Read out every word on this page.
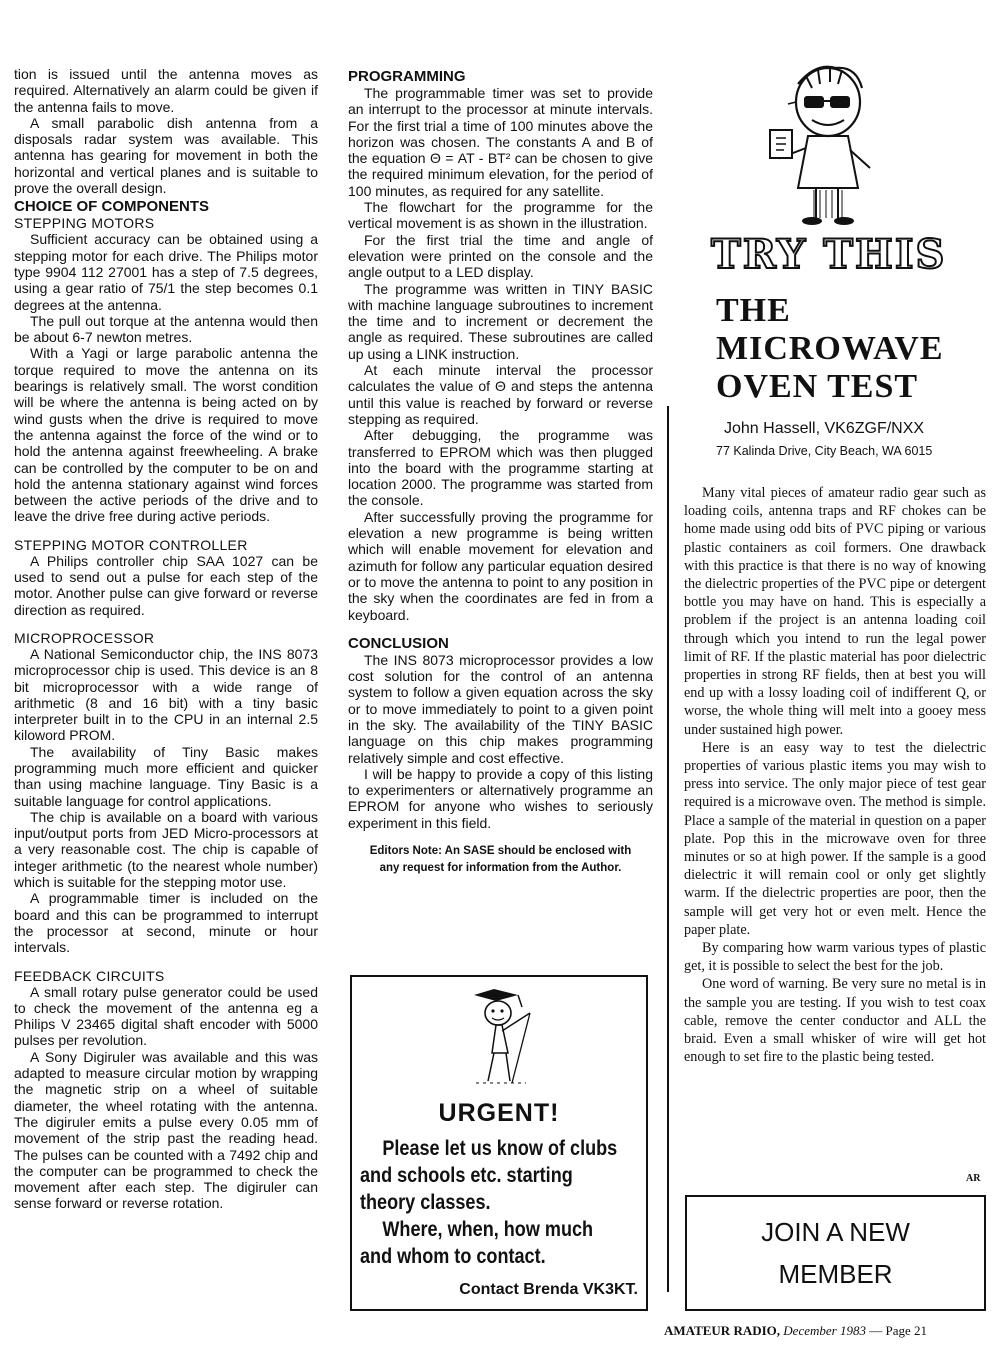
tion is issued until the antenna moves as required. Alternatively an alarm could be given if the antenna fails to move.

A small parabolic dish antenna from a disposals radar system was available. This antenna has gearing for movement in both the horizontal and vertical planes and is suitable to prove the overall design.

CHOICE OF COMPONENTS
STEPPING MOTORS

Sufficient accuracy can be obtained using a stepping motor for each drive. The Philips motor type 9904 112 27001 has a step of 7.5 degrees, using a gear ratio of 75/1 the step becomes 0.1 degrees at the antenna.

The pull out torque at the antenna would then be about 6-7 newton metres.

With a Yagi or large parabolic antenna the torque required to move the antenna on its bearings is relatively small. The worst condition will be where the antenna is being acted on by wind gusts when the drive is required to move the antenna against the force of the wind or to hold the antenna against freewheeling. A brake can be controlled by the computer to be on and hold the antenna stationary against wind forces between the active periods of the drive and to leave the drive free during active periods.

STEPPING MOTOR CONTROLLER

A Philips controller chip SAA 1027 can be used to send out a pulse for each step of the motor. Another pulse can give forward or reverse direction as required.

MICROPROCESSOR

A National Semiconductor chip, the INS 8073 microprocessor chip is used. This device is an 8 bit microprocessor with a wide range of arithmetic (8 and 16 bit) with a tiny basic interpreter built in to the CPU in an internal 2.5 kiloword PROM.

The availability of Tiny Basic makes programming much more efficient and quicker than using machine language. Tiny Basic is a suitable language for control applications.

The chip is available on a board with various input/output ports from JED Micro-processors at a very reasonable cost. The chip is capable of integer arithmetic (to the nearest whole number) which is suitable for the stepping motor use.

A programmable timer is included on the board and this can be programmed to interrupt the processor at second, minute or hour intervals.

FEEDBACK CIRCUITS

A small rotary pulse generator could be used to check the movement of the antenna eg a Philips V 23465 digital shaft encoder with 5000 pulses per revolution.

A Sony Digiruler was available and this was adapted to measure circular motion by wrapping the magnetic strip on a wheel of suitable diameter, the wheel rotating with the antenna. The digiruler emits a pulse every 0.05 mm of movement of the strip past the reading head. The pulses can be counted with a 7492 chip and the computer can be programmed to check the movement after each step. The digiruler can sense forward or reverse rotation.

PROGRAMMING

The programmable timer was set to provide an interrupt to the processor at minute intervals. For the first trial a time of 100 minutes above the horizon was chosen. The constants A and B of the equation Θ = AT - BT² can be chosen to give the required minimum elevation, for the period of 100 minutes, as required for any satellite.

The flowchart for the programme for the vertical movement is as shown in the illustration.

For the first trial the time and angle of elevation were printed on the console and the angle output to a LED display.

The programme was written in TINY BASIC with machine language subroutines to increment the time and to increment or decrement the angle as required. These subroutines are called up using a LINK instruction.

At each minute interval the processor calculates the value of Θ and steps the antenna until this value is reached by forward or reverse stepping as required.

After debugging, the programme was transferred to EPROM which was then plugged into the board with the programme starting at location 2000. The programme was started from the console.

After successfully proving the programme for elevation a new programme is being written which will enable movement for elevation and azimuth for follow any particular equation desired or to move the antenna to point to any position in the sky when the coordinates are fed in from a keyboard.

CONCLUSION

The INS 8073 microprocessor provides a low cost solution for the control of an antenna system to follow a given equation across the sky or to move immediately to point to a given point in the sky. The availability of the TINY BASIC language on this chip makes programming relatively simple and cost effective.

I will be happy to provide a copy of this listing to experimenters or alternatively programme an EPROM for anyone who wishes to seriously experiment in this field.

Editors Note: An SASE should be enclosed with
any request for information from the Author.
URGENT!
Please let us know of clubs
and schools etc. starting
theory classes.
Where, when, how much
and whom to contact.
Contact Brenda VK3KT.
TRY THIS
THE
MICROWAVE
OVEN TEST
John Hassell, VK6ZGF/NXX
77 Kalinda Drive, City Beach, WA 6015

Many vital pieces of amateur radio gear such as loading coils, antenna traps and RF chokes can be home made using odd bits of PVC piping or various plastic containers as coil formers. One drawback with this practice is that there is no way of knowing the dielectric properties of the PVC pipe or detergent bottle you may have on hand. This is especially a problem if the project is an antenna loading coil through which you intend to run the legal power limit of RF. If the plastic material has poor dielectric properties in strong RF fields, then at best you will end up with a lossy loading coil of indifferent Q, or worse, the whole thing will melt into a gooey mess under sustained high power.

Here is an easy way to test the dielectric properties of various plastic items you may wish to press into service. The only major piece of test gear required is a microwave oven. The method is simple. Place a sample of the material in question on a paper plate. Pop this in the microwave oven for three minutes or so at high power. If the sample is a good dielectric it will remain cool or only get slightly warm. If the dielectric properties are poor, then the sample will get very hot or even melt. Hence the paper plate.

By comparing how warm various types of plastic get, it is possible to select the best for the job.

One word of warning. Be very sure no metal is in the sample you are testing. If you wish to test coax cable, remove the center conductor and ALL the braid. Even a small whisker of wire will get hot enough to set fire to the plastic being tested.

AR
JOIN A NEW
MEMBER
AMATEUR RADIO, December 1983 — Page 21
